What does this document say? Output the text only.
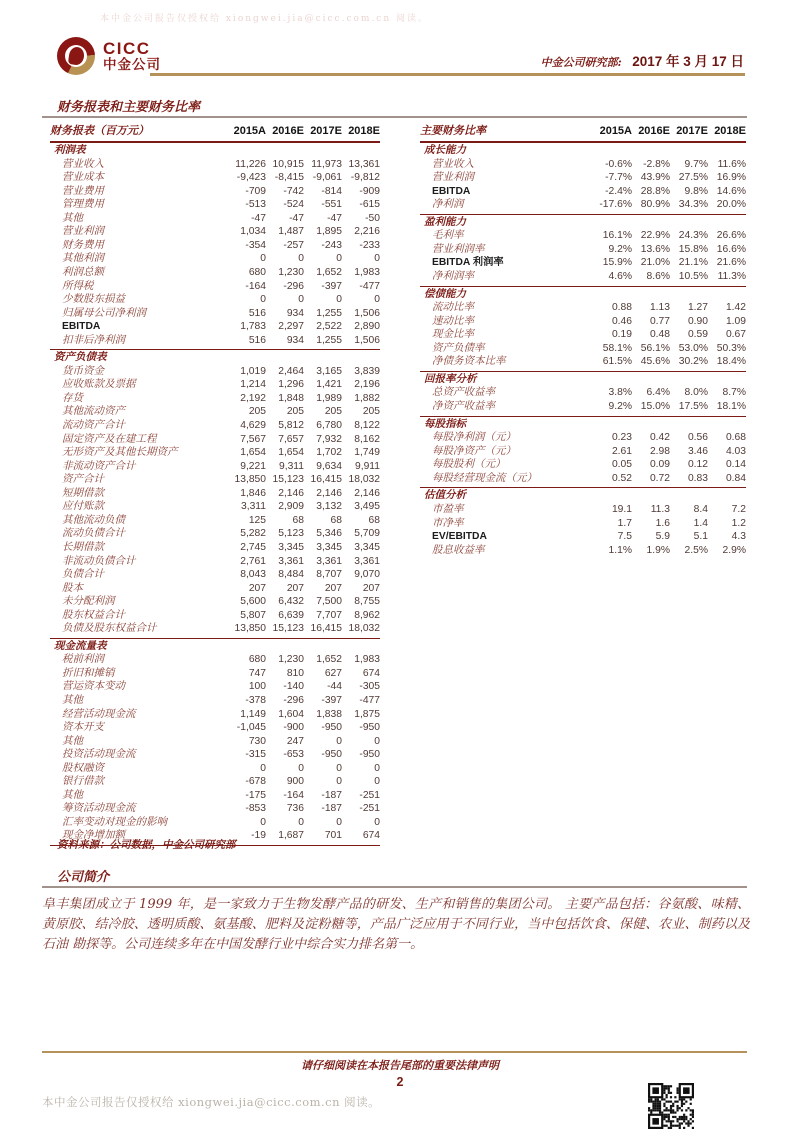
本中金公司报告仅授权给 xiongwei.jia@cicc.com.cn 阅读。
CICC
中金公司	中金公司研究部: 2017 年 3 月 17 日
财务报表和主要财务比率
财务报表（百万元）	2015A 2016E 2017E 2018E
利润表
营业收入	11,226 10,915 11,973 13,361
营业成本	-9,423 -8,415 -9,061 -9,812
营业费用	-709	-742	-814	-909
管理费用	-513	-524	-551	-615
其他	-47	-47	-47	-50
营业利润	1,034	1,487	1,895	2,216
财务费用	-354	-257	-243	-233
其他利润	0	0	0	0
利润总额	680	1,230	1,652	1,983
所得税	-164	-296	-397	-477
少数股东损益	0	0	0	0
归属母公司净利润	516	934	1,255	1,506
EBITDA	1,783	2,297	2,522	2,890
扣非后净利润	516	934	1,255	1,506
资产负债表
货币资金	1,019	2,464	3,165	3,839
应收账款及票据	1,214	1,296	1,421	2,196
存货	2,192	1,848	1,989	1,882
其他流动资产	205	205	205	205
流动资产合计	4,629	5,812	6,780	8,122
固定资产及在建工程	7,567	7,657	7,932	8,162
无形资产及其他长期资产	1,654	1,654	1,702	1,749
非流动资产合计	9,221	9,311	9,634	9,911
资产合计	13,850 15,123 16,415 18,032
短期借款	1,846	2,146	2,146	2,146
应付账款	3,311	2,909	3,132	3,495
其他流动负债	125	68	68	68
流动负债合计	5,282	5,123	5,346	5,709
长期借款	2,745	3,345	3,345	3,345
非流动负债合计	2,761	3,361	3,361	3,361
负债合计	8,043	8,484	8,707	9,070
股本	207	207	207	207
未分配利润	5,600	6,432	7,500	8,755
股东权益合计	5,807	6,639	7,707	8,962
负债及股东权益合计	13,850 15,123 16,415 18,032
现金流量表
税前利润	680	1,230	1,652	1,983
折旧和摊销	747	810	627	674
营运资本变动	100	-140	-44	-305
其他	-378	-296	-397	-477
经营活动现金流	1,149	1,604	1,838	1,875
资本开支	-1,045	-900	-950	-950
其他	730	247	0	0
投资活动现金流	-315	-653	-950	-950
股权融资	0	0	0	0
银行借款	-678	900	0	0
其他	-175	-164	-187	-251
筹资活动现金流	-853	736	-187	-251
汇率变动对现金的影响	0	0	0	0
现金净增加额	-19	1,687	701	674
资料来源：公司数据，中金公司研究部
主要财务比率	2015A 2016E 2017E 2018E
成长能力
营业收入	-0.6%	-2.8%	9.7% 11.6%
营业利润	-7.7% 43.9% 27.5% 16.9%
EBITDA	-2.4% 28.8%	9.8% 14.6%
净利润	-17.6% 80.9% 34.3% 20.0%
盈利能力
毛利率	16.1% 22.9% 24.3% 26.6%
营业利润率	9.2% 13.6% 15.8% 16.6%
EBITDA 利润率	15.9% 21.0% 21.1% 21.6%
净利润率	4.6%	8.6% 10.5% 11.3%
偿债能力
流动比率	0.88	1.13	1.27	1.42
速动比率	0.46	0.77	0.90	1.09
现金比率	0.19	0.48	0.59	0.67
资产负债率	58.1% 56.1% 53.0% 50.3%
净债务资本比率	61.5% 45.6% 30.2% 18.4%
回报率分析
总资产收益率	3.8%	6.4%	8.0%	8.7%
净资产收益率	9.2% 15.0% 17.5% 18.1%
每股指标
每股净利润（元）	0.23	0.42	0.56	0.68
每股净资产（元）	2.61	2.98	3.46	4.03
每股股利（元）	0.05	0.09	0.12	0.14
每股经营现金流（元）	0.52	0.72	0.83	0.84
估值分析
市盈率	19.1	11.3	8.4	7.2
市净率	1.7	1.6	1.4	1.2
EV/EBITDA	7.5	5.9	5.1	4.3
股息收益率	1.1%	1.9%	2.5%	2.9%
公司简介
阜丰集团成立于 1999 年，是一家致力于生物发酵产品的研发、生产和销售的集团公司。 主要产品包括：谷氨酸、味精、黄原胶、结冷胶、透明质酸、氨基酸、肥料及淀粉糖等，产品广泛应用于不同行业，当中包括饮食、保健、农业、制药以及石油 勘探等。公司连续多年在中国发酵行业中综合实力排名第一。
请仔细阅读在本报告尾部的重要法律声明
2
本中金公司报告仅授权给 xiongwei.jia@cicc.com.cn 阅读。
